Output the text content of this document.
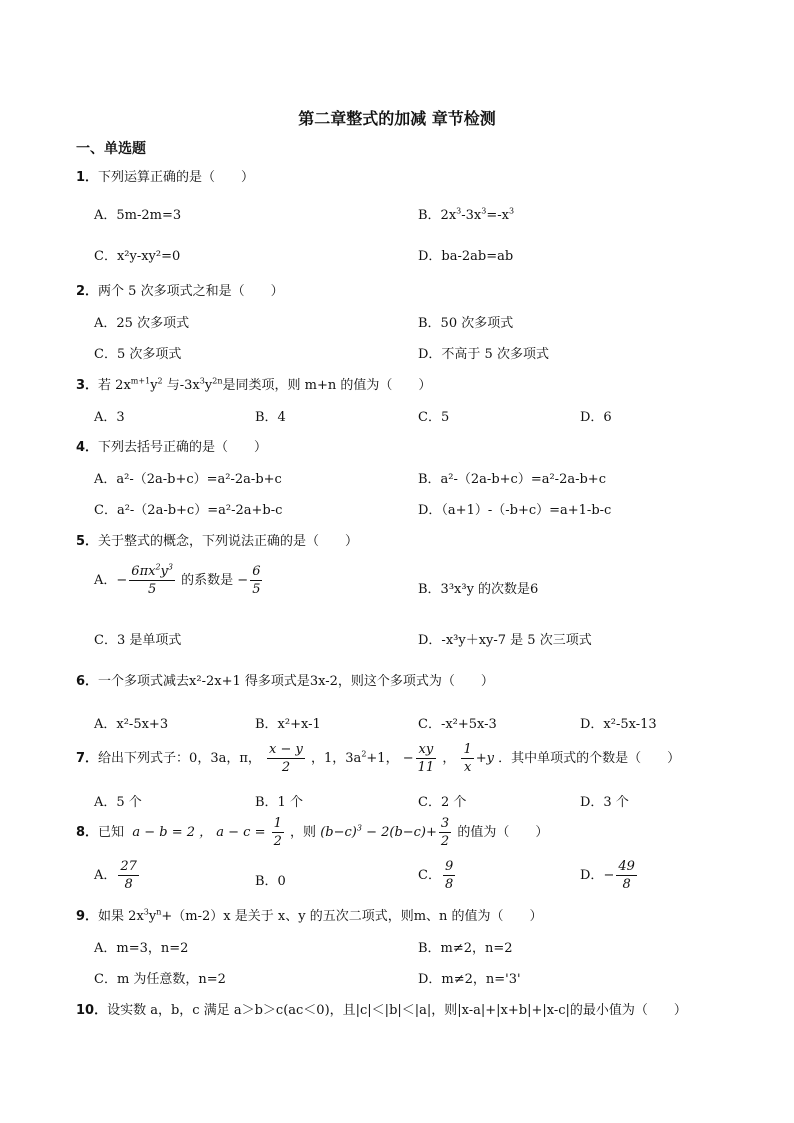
第二章整式的加减 章节检测
一、单选题
1．下列运算正确的是（　　）
A．5m-2m=3	B．$2x^3-3x^3=-x^3$
C．x²y-xy²=0	D．ba-2ab=ab
2．两个 5 次多项式之和是（　　）
A．25 次多项式	B．50 次多项式
C．5 次多项式	D．不高于 5 次多项式
3．若 $2x^{m+1}y^2$ 与$-3x^3y^{2n}$是同类项，则 m+n 的值为（　　）
A．3	B．4	C．5	D．6
4．下列去括号正确的是（　　）
A．a²-（2a-b+c）=a²-2a-b+c	B．a²-（2a-b+c）=a²-2a-b+c
C．a²-（2a-b+c）=a²-2a+b-c	D．（a+1）-（-b+c）=a+1-b-c
5．关于整式的概念，下列说法正确的是（　　）
A．− $\frac{6\pi x^2y^3}{5}$ 的系数是 − $\frac{6}{5}$	B．3³x³y 的次数是6
C．3 是单项式	D．-x³y＋xy-7 是 5 次三项式
6．一个多项式减去x²-2x+1 得多项式是3x-2，则这个多项式为（　　）
A．x²-5x+3	B．x²+x-1	C．-x²+5x-3	D．x²-5x-13
7．给出下列式子：0，3a，π， $\frac{x - y}{2}$ ，1，$3a^2+1$， − $\frac{xy}{11}$ ， $\frac{1}{x} +y$ ．其中单项式的个数是（　　）
A．5 个	B．1 个	C．2 个	D．3 个
8．已知  a − b = 2 ， $a - c = \frac{1}{2}$ ，则 $(b-c)^3 - 2(b-c)+ \frac{3}{2}$ 的值为（　　）
A． $\frac{27}{8}$	B．0	C． $\frac{9}{8}$	D．− $\frac{49}{8}$
9．如果 $2x^3y^n+(m-2)x$ 是关于 x、y 的五次二项式，则m、n 的值为（　　）
A．m=3，n=2	B．m≠2，n=2
C．m 为任意数，n=2	D．m≠2，n='3'
10．设实数 a，b，c 满足 a＞b＞c(ac＜0)，且|c|＜|b|＜|a|，则|x-a|+|x+b|+|x-c|的最小值为（　　）
